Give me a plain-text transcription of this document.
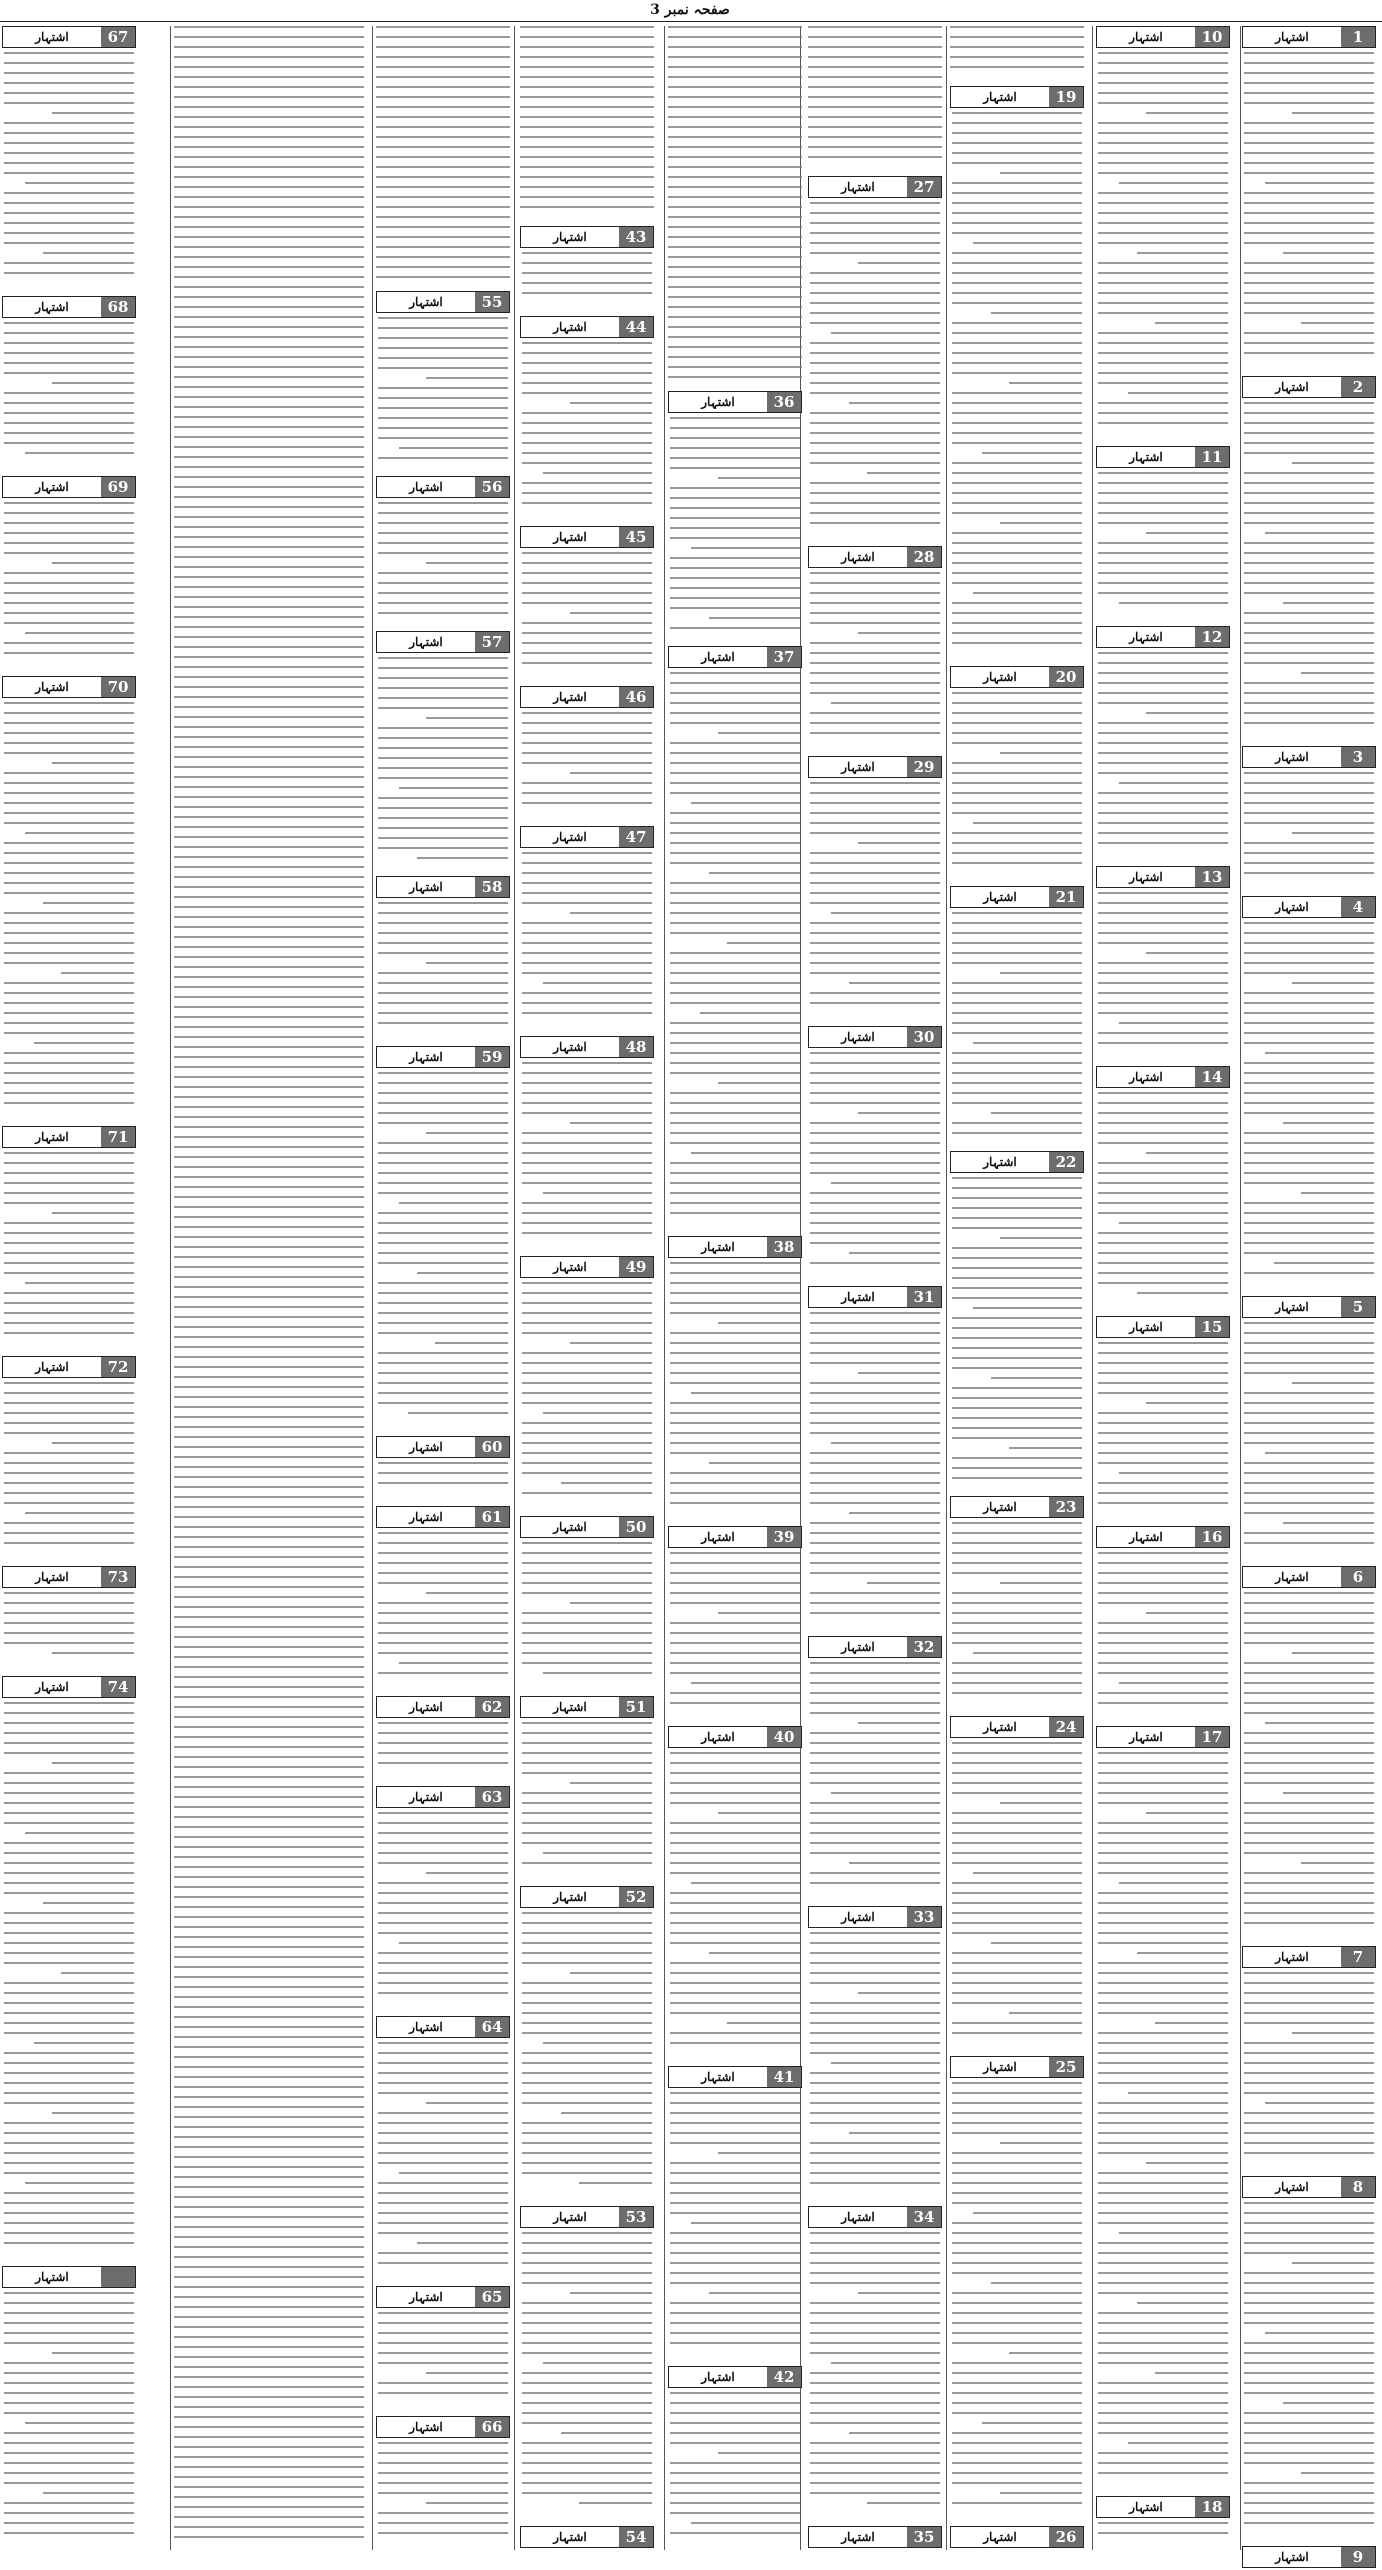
صفحہ نمبر 3
اشتہار	1
اشتہار	2
اشتہار	3
اشتہار	4
اشتہار	5
اشتہار	6
اشتہار	7
اشتہار	8
اشتہار	9
اشتہار	10
اشتہار	11
اشتہار	12
اشتہار	13
اشتہار	14
اشتہار	15
اشتہار	16
اشتہار	17
اشتہار	18
اشتہار	19
اشتہار	20
اشتہار	21
اشتہار	22
اشتہار	23
اشتہار	24
اشتہار	25
اشتہار	26
اشتہار	27
اشتہار	28
اشتہار	29
اشتہار	30
اشتہار	31
اشتہار	32
اشتہار	33
اشتہار	34
اشتہار	35
اشتہار	36
اشتہار	37
اشتہار	38
اشتہار	39
اشتہار	40
اشتہار	41
اشتہار	42
اشتہار	43
اشتہار	44
اشتہار	45
اشتہار	46
اشتہار	47
اشتہار	48
اشتہار	49
اشتہار	50
اشتہار	51
اشتہار	52
اشتہار	53
اشتہار	54
اشتہار	55
اشتہار	56
اشتہار	57
اشتہار	58
اشتہار	59
اشتہار	60
اشتہار	61
اشتہار	62
اشتہار	63
اشتہار	64
اشتہار	65
اشتہار	66
اشتہار	67
اشتہار	68
اشتہار	69
اشتہار	70
اشتہار	71
اشتہار	72
اشتہار	73
اشتہار	74
اشتہار
